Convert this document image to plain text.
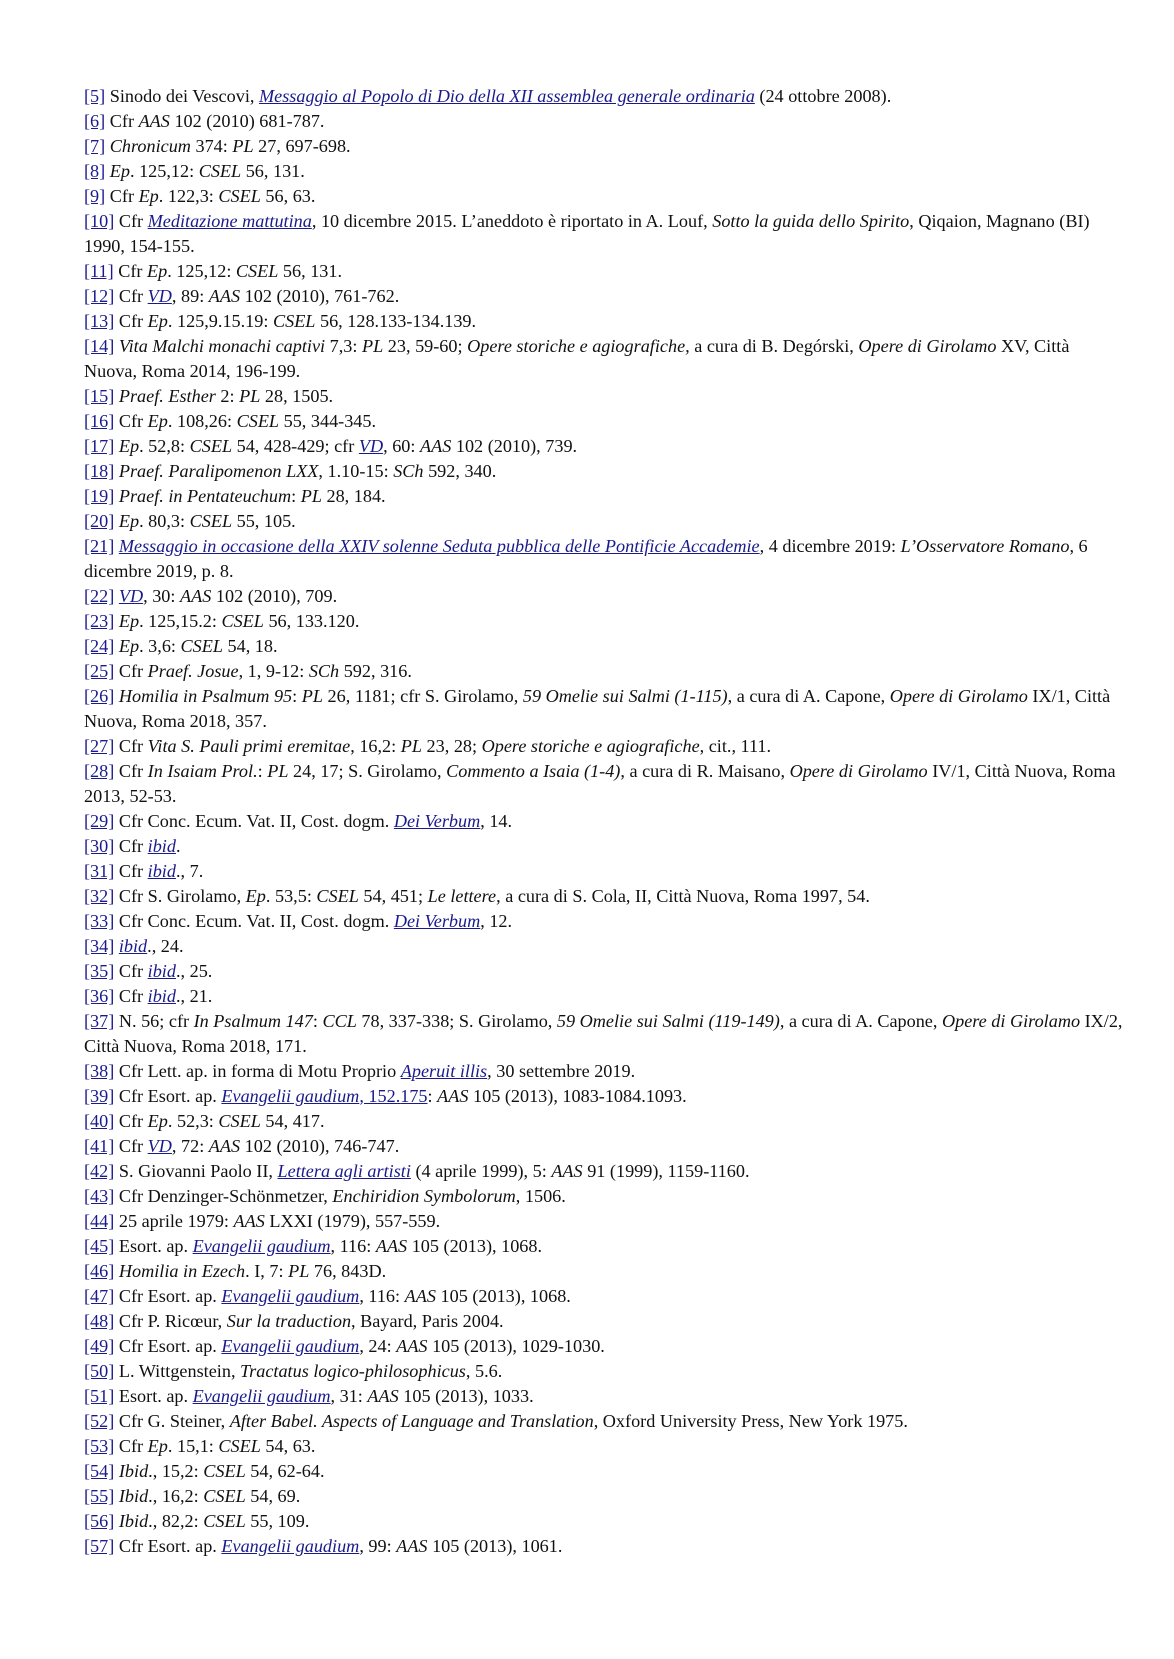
[5] Sinodo dei Vescovi, Messaggio al Popolo di Dio della XII assemblea generale ordinaria (24 ottobre 2008).
[6] Cfr AAS 102 (2010) 681-787.
[7] Chronicum 374: PL 27, 697-698.
[8] Ep. 125,12: CSEL 56, 131.
[9] Cfr Ep. 122,3: CSEL 56, 63.
[10] Cfr Meditazione mattutina, 10 dicembre 2015. L’aneddoto è riportato in A. Louf, Sotto la guida dello Spirito, Qiqaion, Magnano (BI) 1990, 154-155.
[11] Cfr Ep. 125,12: CSEL 56, 131.
[12] Cfr VD, 89: AAS 102 (2010), 761-762.
[13] Cfr Ep. 125,9.15.19: CSEL 56, 128.133-134.139.
[14] Vita Malchi monachi captivi 7,3: PL 23, 59-60; Opere storiche e agiografiche, a cura di B. Degórski, Opere di Girolamo XV, Città Nuova, Roma 2014, 196-199.
[15] Praef. Esther 2: PL 28, 1505.
[16] Cfr Ep. 108,26: CSEL 55, 344-345.
[17] Ep. 52,8: CSEL 54, 428-429; cfr VD, 60: AAS 102 (2010), 739.
[18] Praef. Paralipomenon LXX, 1.10-15: SCh 592, 340.
[19] Praef. in Pentateuchum: PL 28, 184.
[20] Ep. 80,3: CSEL 55, 105.
[21] Messaggio in occasione della XXIV solenne Seduta pubblica delle Pontificie Accademie, 4 dicembre 2019: L’Osservatore Romano, 6 dicembre 2019, p. 8.
[22] VD, 30: AAS 102 (2010), 709.
[23] Ep. 125,15.2: CSEL 56, 133.120.
[24] Ep. 3,6: CSEL 54, 18.
[25] Cfr Praef. Josue, 1, 9-12: SCh 592, 316.
[26] Homilia in Psalmum 95: PL 26, 1181; cfr S. Girolamo, 59 Omelie sui Salmi (1-115), a cura di A. Capone, Opere di Girolamo IX/1, Città Nuova, Roma 2018, 357.
[27] Cfr Vita S. Pauli primi eremitae, 16,2: PL 23, 28; Opere storiche e agiografiche, cit., 111.
[28] Cfr In Isaiam Prol.: PL 24, 17; S. Girolamo, Commento a Isaia (1-4), a cura di R. Maisano, Opere di Girolamo IV/1, Città Nuova, Roma 2013, 52-53.
[29] Cfr Conc. Ecum. Vat. II, Cost. dogm. Dei Verbum, 14.
[30] Cfr ibid.
[31] Cfr ibid., 7.
[32] Cfr S. Girolamo, Ep. 53,5: CSEL 54, 451; Le lettere, a cura di S. Cola, II, Città Nuova, Roma 1997, 54.
[33] Cfr Conc. Ecum. Vat. II, Cost. dogm. Dei Verbum, 12.
[34] ibid., 24.
[35] Cfr ibid., 25.
[36] Cfr ibid., 21.
[37] N. 56; cfr In Psalmum 147: CCL 78, 337-338; S. Girolamo, 59 Omelie sui Salmi (119-149), a cura di A. Capone, Opere di Girolamo IX/2, Città Nuova, Roma 2018, 171.
[38] Cfr Lett. ap. in forma di Motu Proprio Aperuit illis, 30 settembre 2019.
[39] Cfr Esort. ap. Evangelii gaudium, 152.175: AAS 105 (2013), 1083-1084.1093.
[40] Cfr Ep. 52,3: CSEL 54, 417.
[41] Cfr VD, 72: AAS 102 (2010), 746-747.
[42] S. Giovanni Paolo II, Lettera agli artisti (4 aprile 1999), 5: AAS 91 (1999), 1159-1160.
[43] Cfr Denzinger-Schönmetzer, Enchiridion Symbolorum, 1506.
[44] 25 aprile 1979: AAS LXXI (1979), 557-559.
[45] Esort. ap. Evangelii gaudium, 116: AAS 105 (2013), 1068.
[46] Homilia in Ezech. I, 7: PL 76, 843D.
[47] Cfr Esort. ap. Evangelii gaudium, 116: AAS 105 (2013), 1068.
[48] Cfr P. Ricœur, Sur la traduction, Bayard, Paris 2004.
[49] Cfr Esort. ap. Evangelii gaudium, 24: AAS 105 (2013), 1029-1030.
[50] L. Wittgenstein, Tractatus logico-philosophicus, 5.6.
[51] Esort. ap. Evangelii gaudium, 31: AAS 105 (2013), 1033.
[52] Cfr G. Steiner, After Babel. Aspects of Language and Translation, Oxford University Press, New York 1975.
[53] Cfr Ep. 15,1: CSEL 54, 63.
[54] Ibid., 15,2: CSEL 54, 62-64.
[55] Ibid., 16,2: CSEL 54, 69.
[56] Ibid., 82,2: CSEL 55, 109.
[57] Cfr Esort. ap. Evangelii gaudium, 99: AAS 105 (2013), 1061.
